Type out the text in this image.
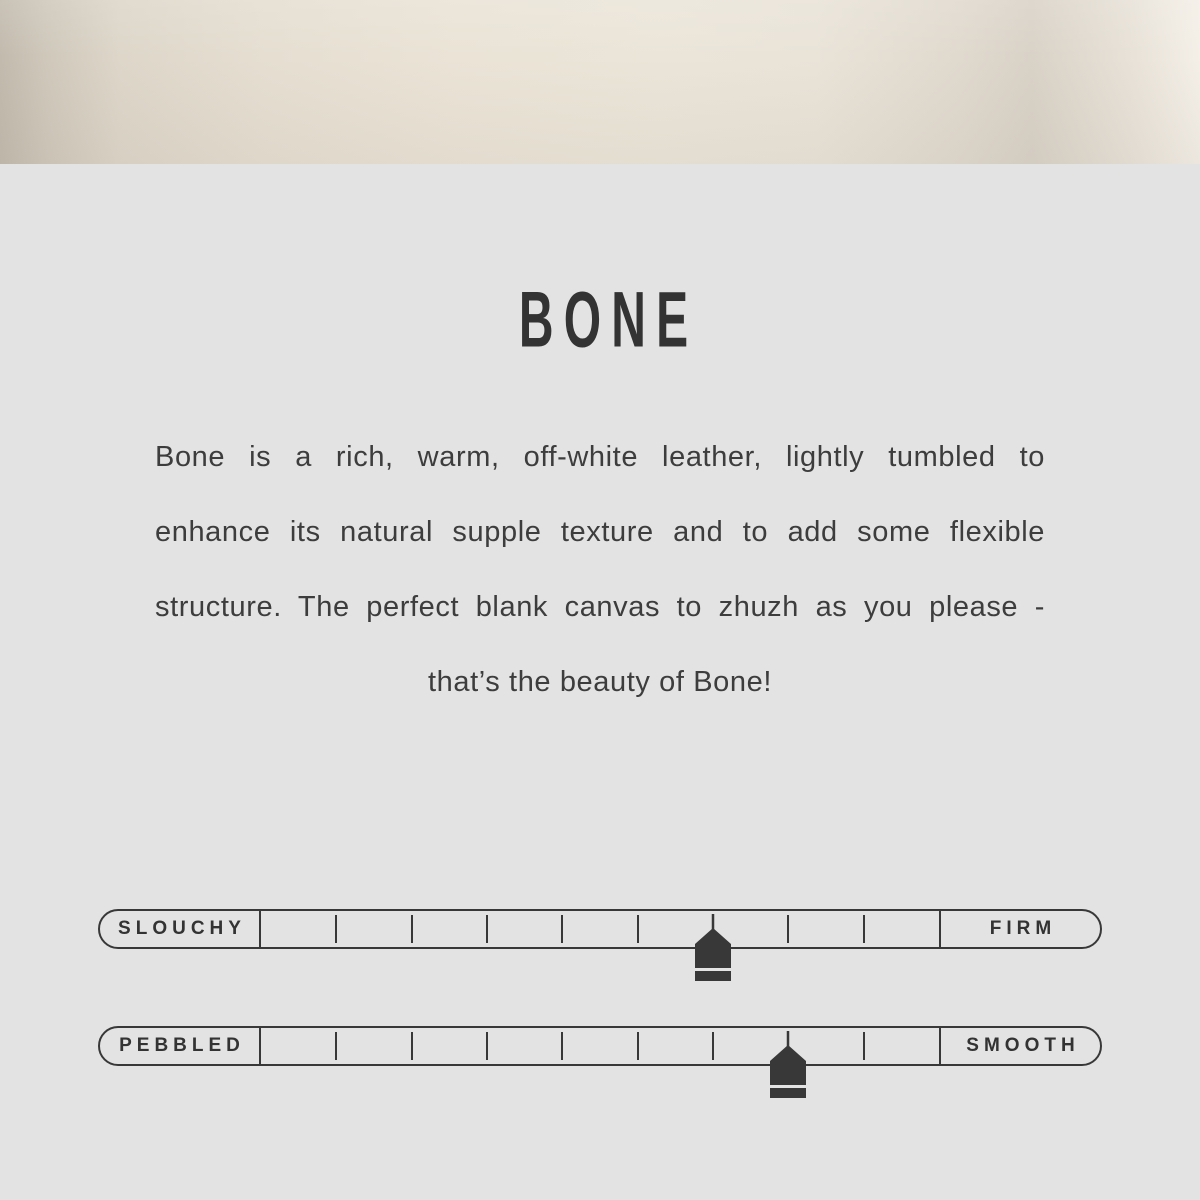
BONE

Bone is a rich, warm, off-white leather, lightly tumbled to

enhance its natural supple texture and to add some flexible

structure. The perfect blank canvas to zhuzh as you please -

that’s the beauty of Bone!

SLOUCHY	FIRM
PEBBLED	SMOOTH
